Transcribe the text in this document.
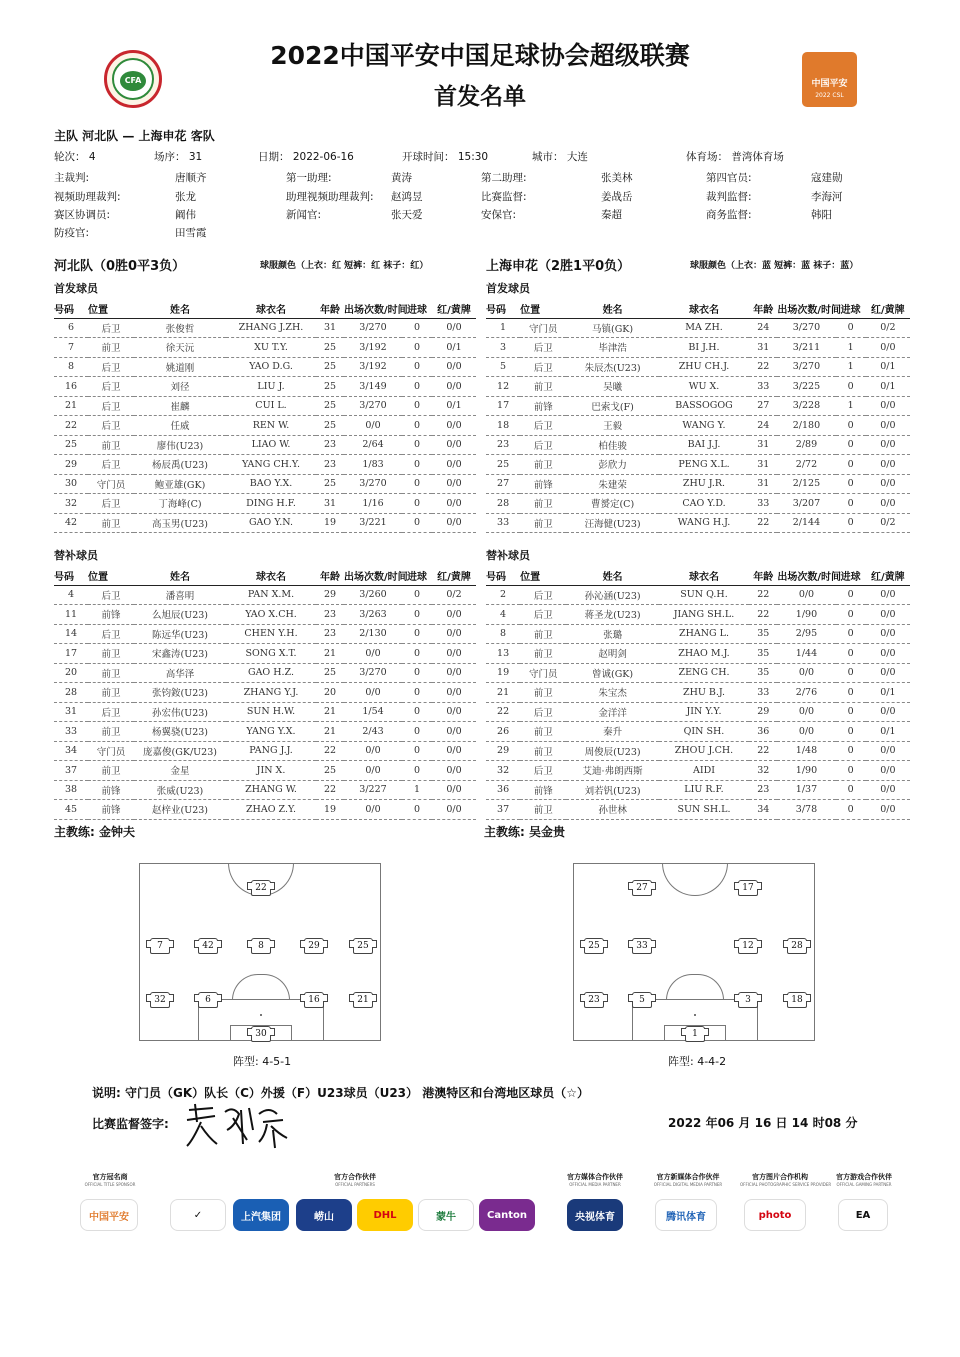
CFA
2022中国平安中国足球协会超级联赛
首发名单	中国平安
2022 CSL
主队 河北队 — 上海申花 客队
轮次： 4	场序： 31	日期： 2022-06-16	开球时间： 15:30	城市： 大连	体育场： 普湾体育场
主裁判:	唐顺齐	第一助理:	黄涛	第二助理:	张美林	第四官员:	寇建勋
视频助理裁判:	张龙	助理视频助理裁判: 赵鸿昱	比赛监督:	姜战岳	裁判监督:	李海河
赛区协调员:	阚伟	新闻官:	张天爱	安保官:	秦超	商务监督:	韩阳
防疫官:	田雪霞
河北队（0胜0平3负）	球服颜色（上衣：红 短裤：红 袜子：红）	上海申花（2胜1平0负）	球服颜色（上衣：蓝 短裤：蓝 袜子：蓝）
首发球员	首发球员
号码	位置	姓名	球衣名	年龄	出场次数/时间	进球	红/黄牌
6	后卫	张俊哲	ZHANG J.ZH.	31	3/270	0	0/0
7	前卫	徐天沅	XU T.Y.	25	3/192	0	0/1
8	后卫	姚道刚	YAO D.G.	25	3/192	0	0/0
16	后卫	刘径	LIU J.	25	3/149	0	0/0
21	后卫	崔麟	CUI L.	25	3/270	0	0/1
22	后卫	任威	REN W.	25	0/0	0	0/0
25	前卫	廖伟(U23)	LIAO W.	23	2/64	0	0/0
29	后卫	杨辰禹(U23)	YANG CH.Y.	23	1/83	0	0/0
30	守门员	鲍亚雄(GK)	BAO Y.X.	25	3/270	0	0/0
32	后卫	丁海峰(C)	DING H.F.	31	1/16	0	0/0
42	前卫	高玉男(U23)	GAO Y.N.	19	3/221	0	0/0
号码	位置	姓名	球衣名	年龄	出场次数/时间	进球	红/黄牌
1	守门员	马镇(GK)	MA ZH.	24	3/270	0	0/2
3	后卫	毕津浩	BI J.H.	31	3/211	1	0/0
5	后卫	朱辰杰(U23)	ZHU CH.J.	22	3/270	1	0/1
12	前卫	吴曦	WU X.	33	3/225	0	0/1
17	前锋	巴索戈(F)	BASSOGOG	27	3/228	1	0/0
18	后卫	王毅	WANG Y.	24	2/180	0	0/0
23	后卫	柏佳骏	BAI J.J.	31	2/89	0	0/0
25	前卫	彭欣力	PENG X.L.	31	2/72	0	0/0
27	前锋	朱建荣	ZHU J.R.	31	2/125	0	0/0
28	前卫	曹赟定(C)	CAO Y.D.	33	3/207	0	0/0
33	前卫	汪海健(U23)	WANG H.J.	22	2/144	0	0/2
替补球员	替补球员
号码	位置	姓名	球衣名	年龄	出场次数/时间	进球	红/黄牌
4	后卫	潘喜明	PAN X.M.	29	3/260	0	0/2
11	前锋	么旭辰(U23)	YAO X.CH.	23	3/263	0	0/0
14	后卫	陈远华(U23)	CHEN Y.H.	23	2/130	0	0/0
17	前卫	宋鑫涛(U23)	SONG X.T.	21	0/0	0	0/0
20	前卫	高华泽	GAO H.Z.	25	3/270	0	0/0
28	前卫	张钧銨(U23)	ZHANG Y.J.	20	0/0	0	0/0
31	后卫	孙宏伟(U23)	SUN H.W.	21	1/54	0	0/0
33	前卫	杨翼骁(U23)	YANG Y.X.	21	2/43	0	0/0
34	守门员	庞嘉俊(GK/U23)	PANG J.J.	22	0/0	0	0/0
37	前卫	金星	JIN X.	25	0/0	0	0/0
38	前锋	张威(U23)	ZHANG W.	22	3/227	1	0/0
45	前锋	赵梓业(U23)	ZHAO Z.Y.	19	0/0	0	0/0
号码	位置	姓名	球衣名	年龄	出场次数/时间	进球	红/黄牌
2	后卫	孙沁涵(U23)	SUN Q.H.	22	0/0	0	0/0
4	后卫	蒋圣龙(U23)	JIANG SH.L.	22	1/90	0	0/0
8	前卫	张璐	ZHANG L.	35	2/95	0	0/0
13	前卫	赵明剑	ZHAO M.J.	35	1/44	0	0/0
19	守门员	曾诚(GK)	ZENG CH.	35	0/0	0	0/0
21	前卫	朱宝杰	ZHU B.J.	33	2/76	0	0/1
22	后卫	金洋洋	JIN Y.Y.	29	0/0	0	0/0
26	前卫	秦升	QIN SH.	36	0/0	0	0/1
29	前卫	周俊辰(U23)	ZHOU J.CH.	22	1/48	0	0/0
32	后卫	艾迪·弗朗西斯	AIDI	32	1/90	0	0/0
36	前锋	刘若钒(U23)	LIU R.F.	23	1/37	0	0/0
37	前卫	孙世林	SUN SH.L.	34	3/78	0	0/0
主教练: 金钟夫	主教练: 吴金贵
22
7	42	8	29	25
32	6	16	21
30
27	17
25	33	12	28
23	5	3	18
1
阵型: 4-5-1	阵型: 4-4-2
说明: 守门员（GK）队长（C）外援（F）U23球员（U23） 港澳特区和台湾地区球员（☆）
比赛监督签字:	2022 年06 月 16 日 14 时08 分
官方冠名商
OFFICIAL TITLE SPONSOR
官方合作伙伴
OFFICIAL PARTNERS
官方媒体合作伙伴
OFFICIAL MEDIA PARTNER
官方新媒体合作伙伴
OFFICIAL DIGITAL MEDIA PARTNER
官方图片合作机构
OFFICIAL PHOTOGRAPHIC SERVICE PROVIDER
官方游戏合作伙伴
OFFICIAL GAMING PARTNER
中国平安	✓	上汽集团	崂山	DHL	蒙牛	Canton	央视体育	腾讯体育	photo	EA
